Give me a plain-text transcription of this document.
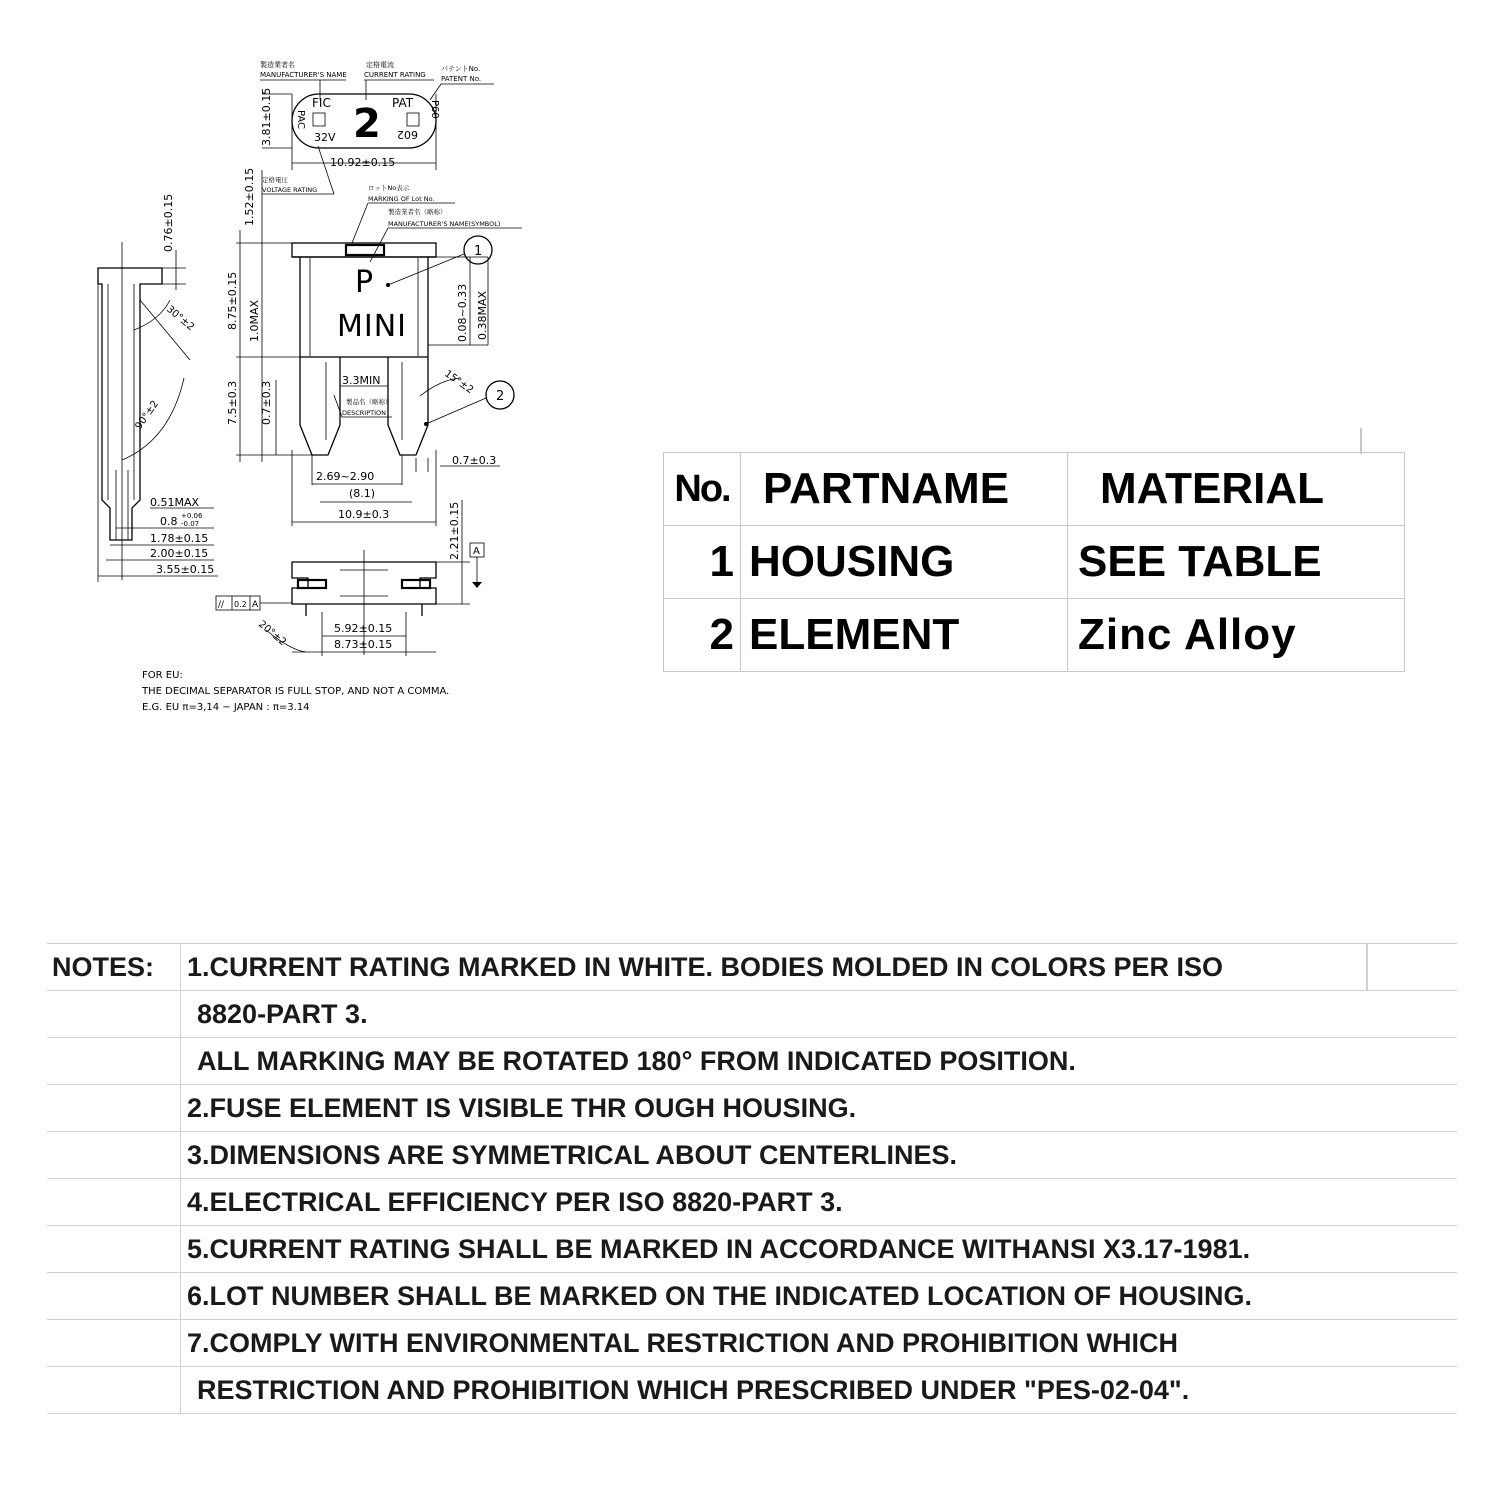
製造業者名
MANUFACTURER'S NAME
定格電流
CURRENT RATING
パテントNo.
PATENT No.
FIC	PAT
2
32V	602
PAC
P60
3.81±0.15
10.92±0.15
定格電圧
VOLTAGE RATING	ロットNo表示
MARKING OF Lot No.
製造業者名（略称）
MANUFACTURER'S NAME(SYMBOL)
P
MINI
1
2
1.52±0.15
8.75±0.15 1.0MAX
7.5±0.3 0.7±0.3
0.08~0.33 0.38MAX
3.3MIN
製品名（略称）
DESCRIPTION
15°±2
0.7±0.3
2.69~2.90
(8.1)
10.9±0.3
0.76±0.15
30°±2
90°±2
0.51MAX
0.8 +0.06
-0.07
1.78±0.15
2.00±0.15
3.55±0.15
2.21±0.15 A
// 0.2 A
20°±2	5.92±0.15
8.73±0.15
FOR EU:
THE DECIMAL SEPARATOR IS FULL STOP, AND NOT A COMMA.
E.G. EU π=3,14 − JAPAN : π=3.14
No.	PARTNAME	MATERIAL
1	HOUSING	SEE TABLE
2	ELEMENT	Zinc Alloy
NOTES:	1.CURRENT RATING MARKED IN WHITE. BODIES MOLDED IN COLORS PER ISO
	8820-PART 3.
	ALL MARKING MAY BE ROTATED 180° FROM INDICATED POSITION.
	2.FUSE ELEMENT IS VISIBLE THR OUGH HOUSING.
	3.DIMENSIONS ARE SYMMETRICAL ABOUT CENTERLINES.
	4.ELECTRICAL EFFICIENCY PER ISO 8820-PART 3.
	5.CURRENT RATING SHALL BE MARKED IN ACCORDANCE WITHANSI X3.17-1981.
	6.LOT NUMBER SHALL BE MARKED ON THE INDICATED LOCATION OF HOUSING.
	7.COMPLY WITH ENVIRONMENTAL RESTRICTION AND PROHIBITION WHICH
	RESTRICTION AND PROHIBITION WHICH PRESCRIBED UNDER "PES-02-04".
